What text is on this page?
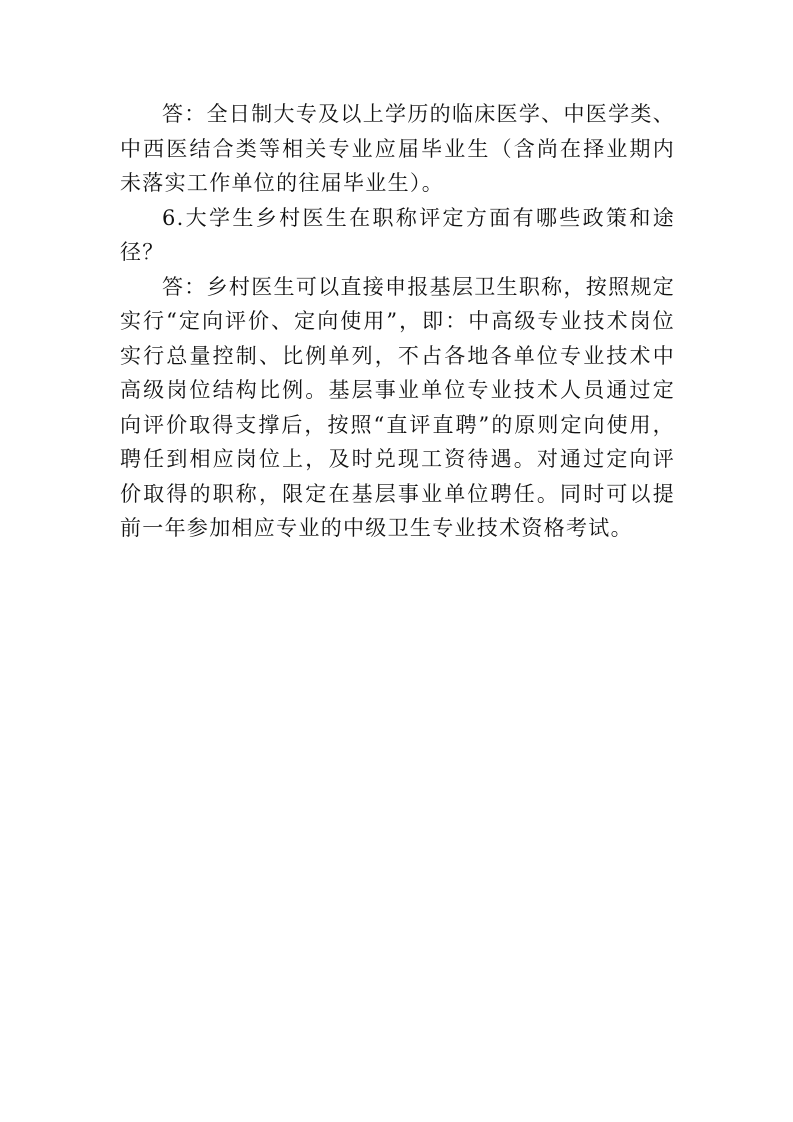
答：全日制大专及以上学历的临床医学、中医学类、中西医结合类等相关专业应届毕业生（含尚在择业期内未落实工作单位的往届毕业生）。

6.大学生乡村医生在职称评定方面有哪些政策和途径？

答：乡村医生可以直接申报基层卫生职称，按照规定实行“定向评价、定向使用”，即：中高级专业技术岗位实行总量控制、比例单列，不占各地各单位专业技术中高级岗位结构比例。基层事业单位专业技术人员通过定向评价取得支撑后，按照“直评直聘”的原则定向使用，聘任到相应岗位上，及时兑现工资待遇。对通过定向评价取得的职称，限定在基层事业单位聘任。同时可以提前一年参加相应专业的中级卫生专业技术资格考试。
